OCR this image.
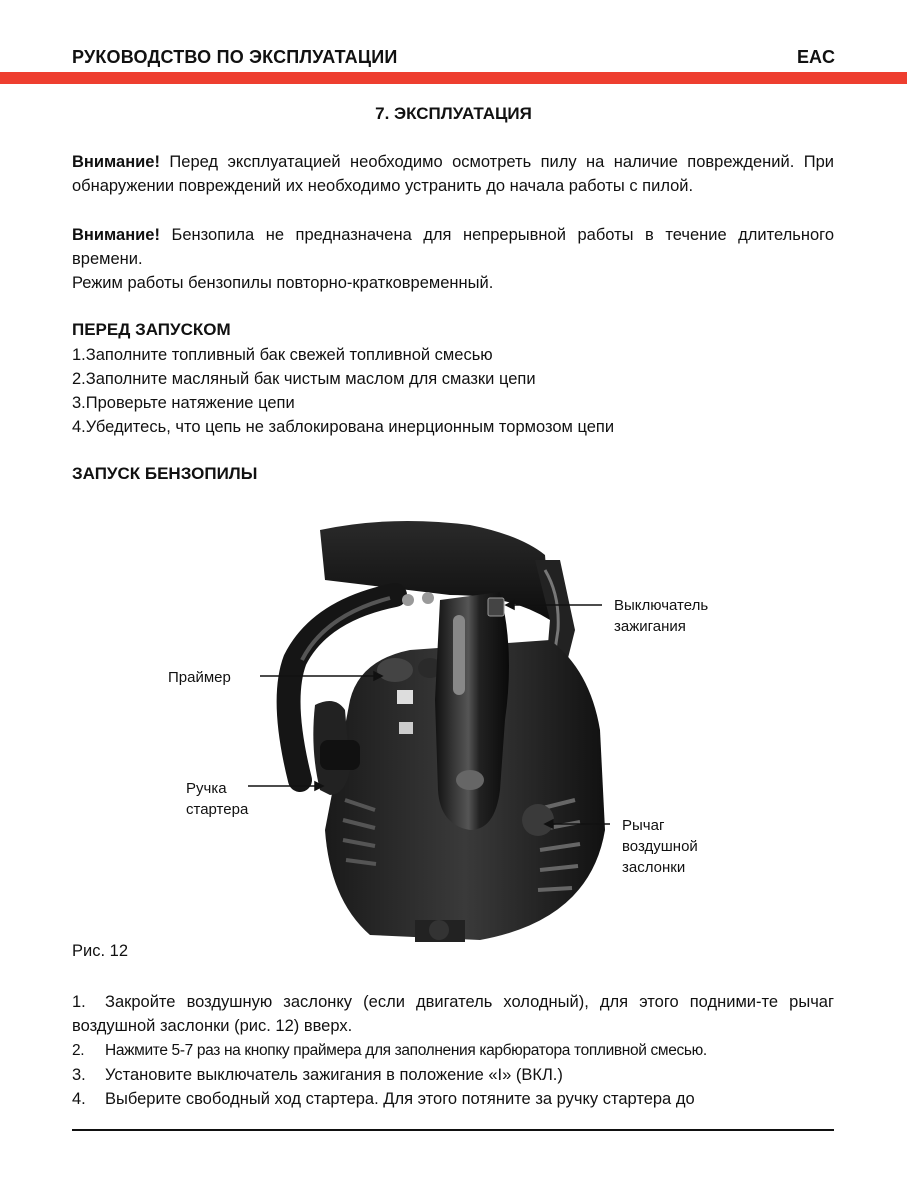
РУКОВОДСТВО ПО ЭКСПЛУАТАЦИИ	EAC
7. ЭКСПЛУАТАЦИЯ
Внимание! Перед эксплуатацией необходимо осмотреть пилу на наличие повреждений. При обнаружении повреждений их необходимо устранить до начала работы с пилой.
Внимание! Бензопила не предназначена для непрерывной работы в течение длительного времени.
Режим работы бензопилы повторно-кратковременный.
ПЕРЕД ЗАПУСКОМ
1.Заполните топливный бак свежей топливной смесью
2.Заполните масляный бак чистым маслом для смазки цепи
3.Проверьте натяжение цепи
4.Убедитесь, что цепь не заблокирована инерционным тормозом цепи
ЗАПУСК БЕНЗОПИЛЫ
Выключатель
зажигания
Праймер
Ручка
стартера
Рычаг
воздушной
заслонки
Рис. 12
1. Закройте воздушную заслонку (если двигатель холодный), для этого подними-те рычаг воздушной заслонки (рис. 12) вверх.
2. Нажмите 5-7 раз на кнопку праймера для заполнения карбюратора топливной смесью.
3. Установите выключатель зажигания в положение «I» (ВКЛ.)
4. Выберите свободный ход стартера. Для этого потяните за ручку стартера до
